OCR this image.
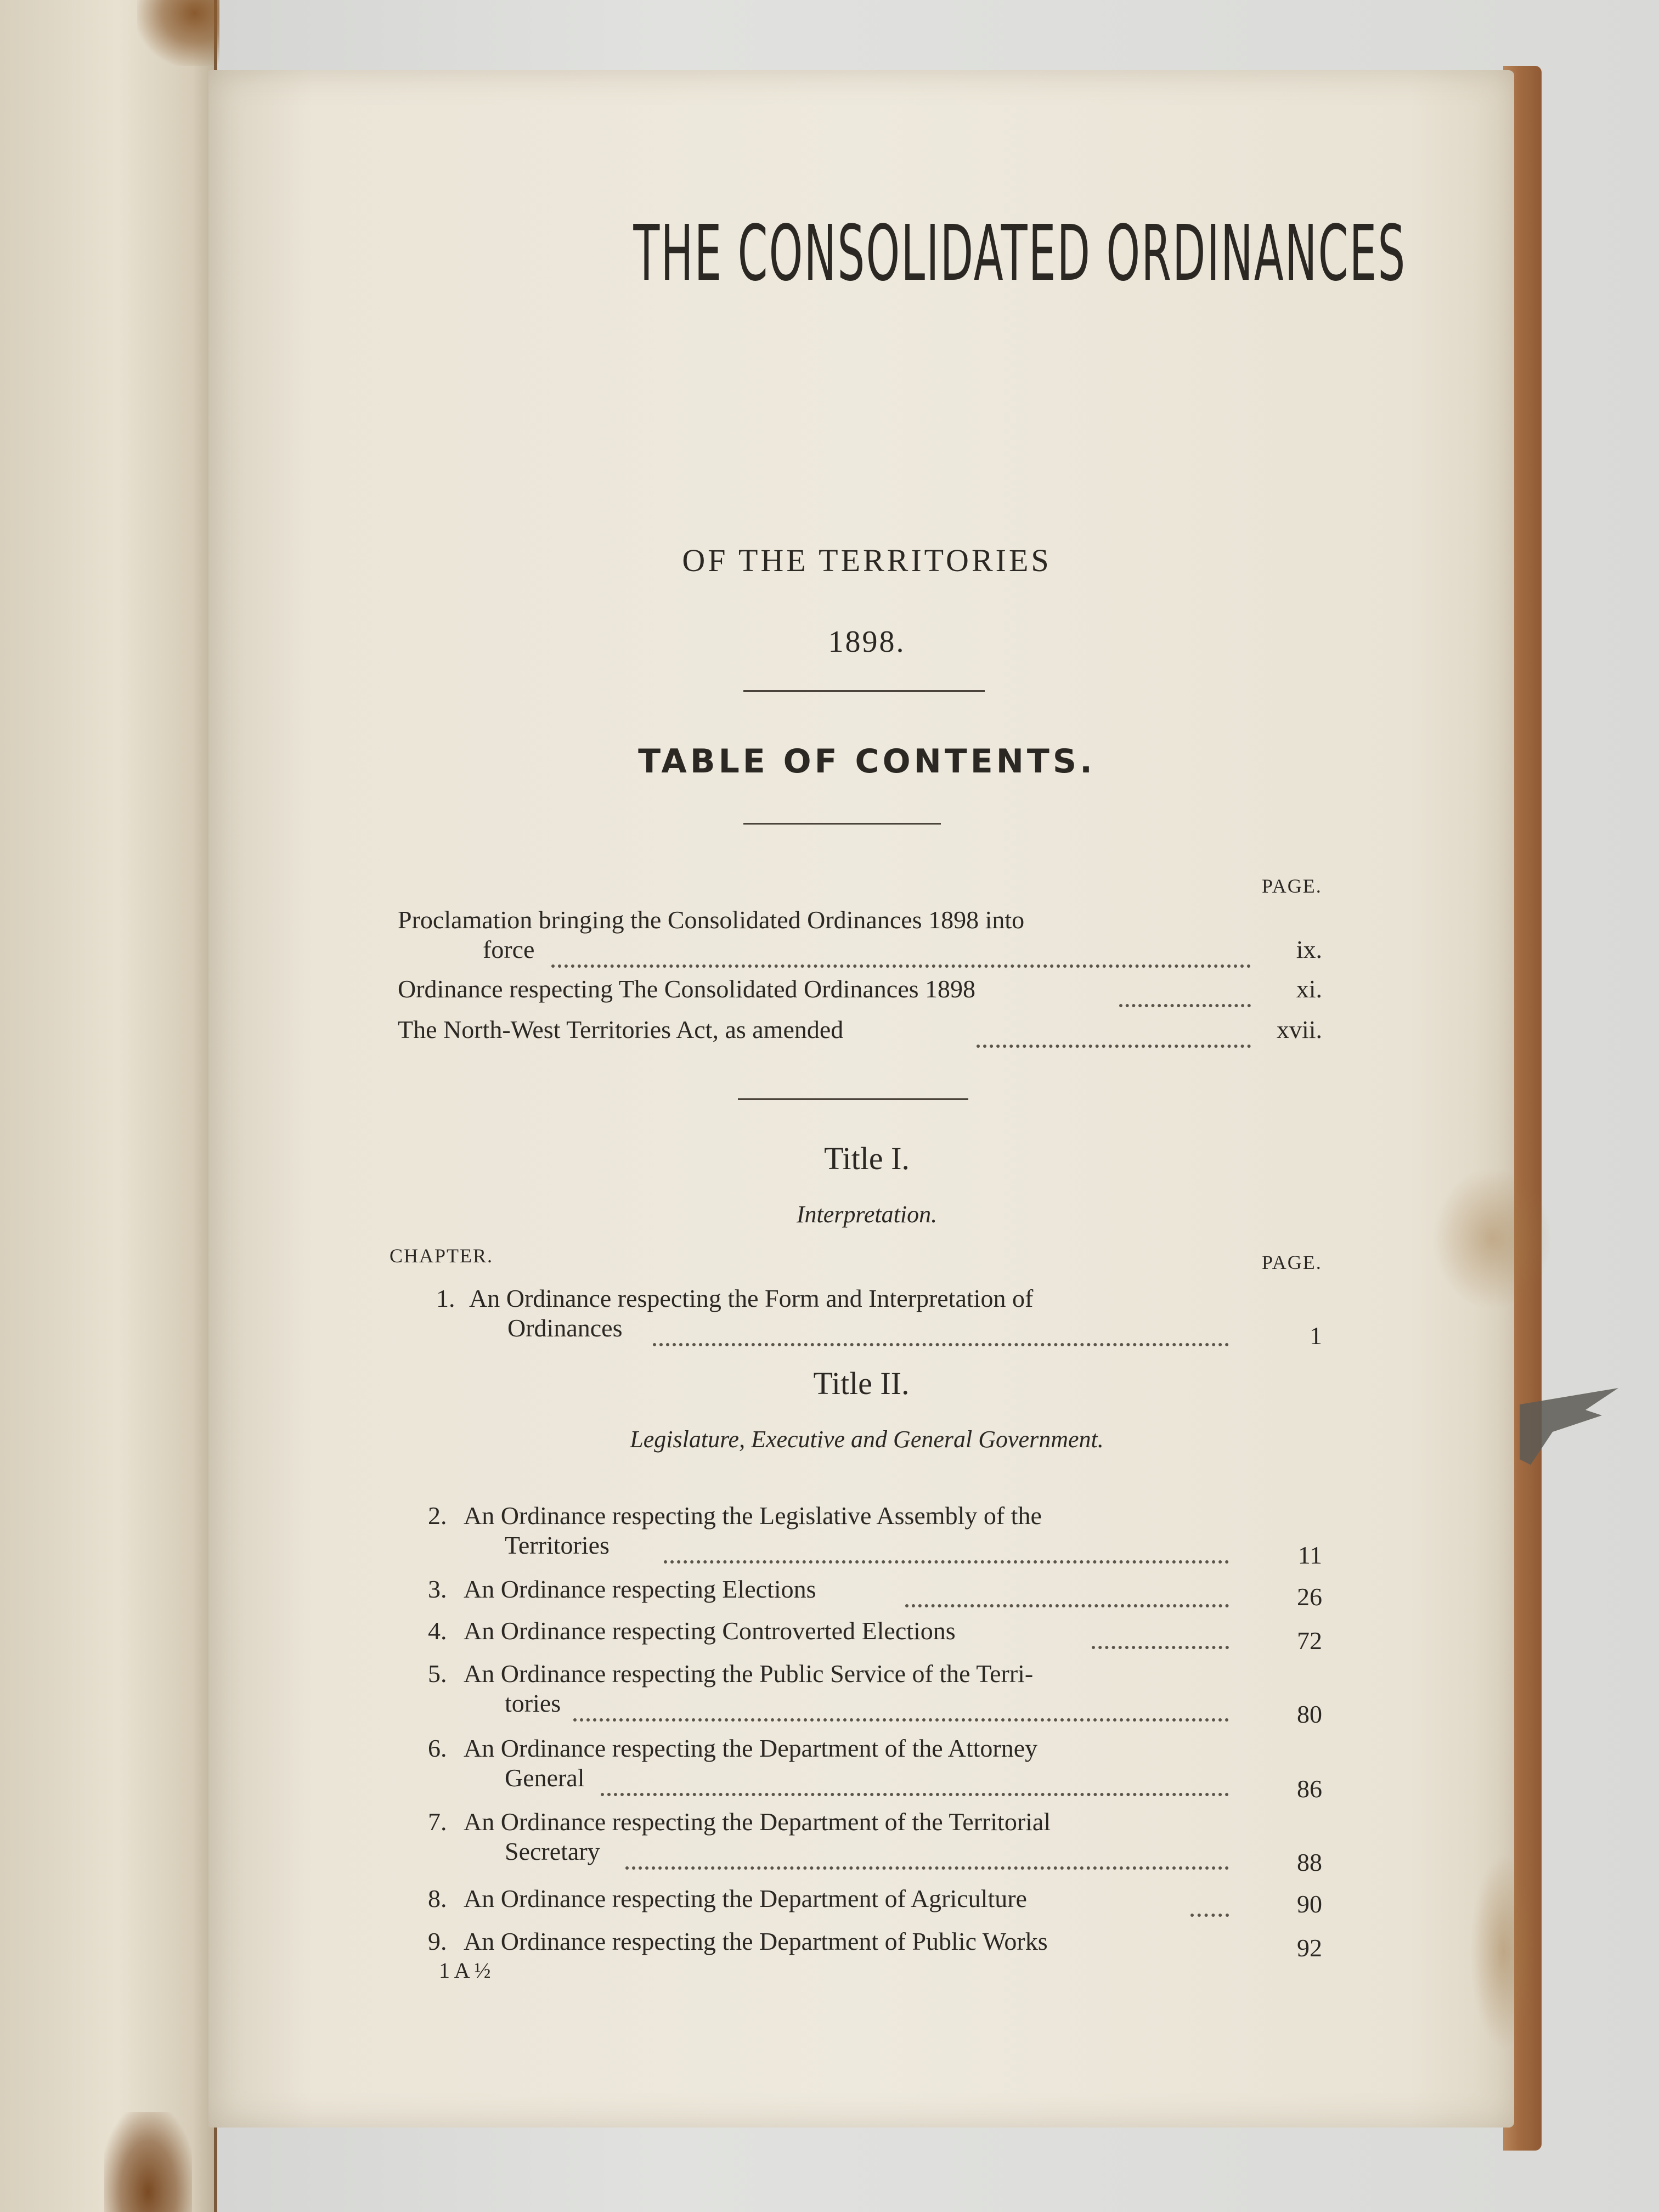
THE CONSOLIDATED ORDINANCES
OF THE TERRITORIES
1898.
TABLE OF CONTENTS.
PAGE.
Proclamation bringing the Consolidated Ordinances 1898 into
force	ix.
Ordinance respecting The Consolidated Ordinances 1898	xi.
The North-West Territories Act, as amended	xvii.
Title I.
Interpretation.
CHAPTER.	PAGE.
1. An Ordinance respecting the Form and Interpretation of
Ordinances	1
Title II.
Legislature, Executive and General Government.
2. An Ordinance respecting the Legislative Assembly of the
Territories	11
3. An Ordinance respecting Elections	26
4. An Ordinance respecting Controverted Elections	72
5. An Ordinance respecting the Public Service of the Terri-
tories	80
6. An Ordinance respecting the Department of the Attorney
General	86
7. An Ordinance respecting the Department of the Territorial
Secretary	88
8. An Ordinance respecting the Department of Agriculture	90
9. An Ordinance respecting the Department of Public Works	92
1 A ½
